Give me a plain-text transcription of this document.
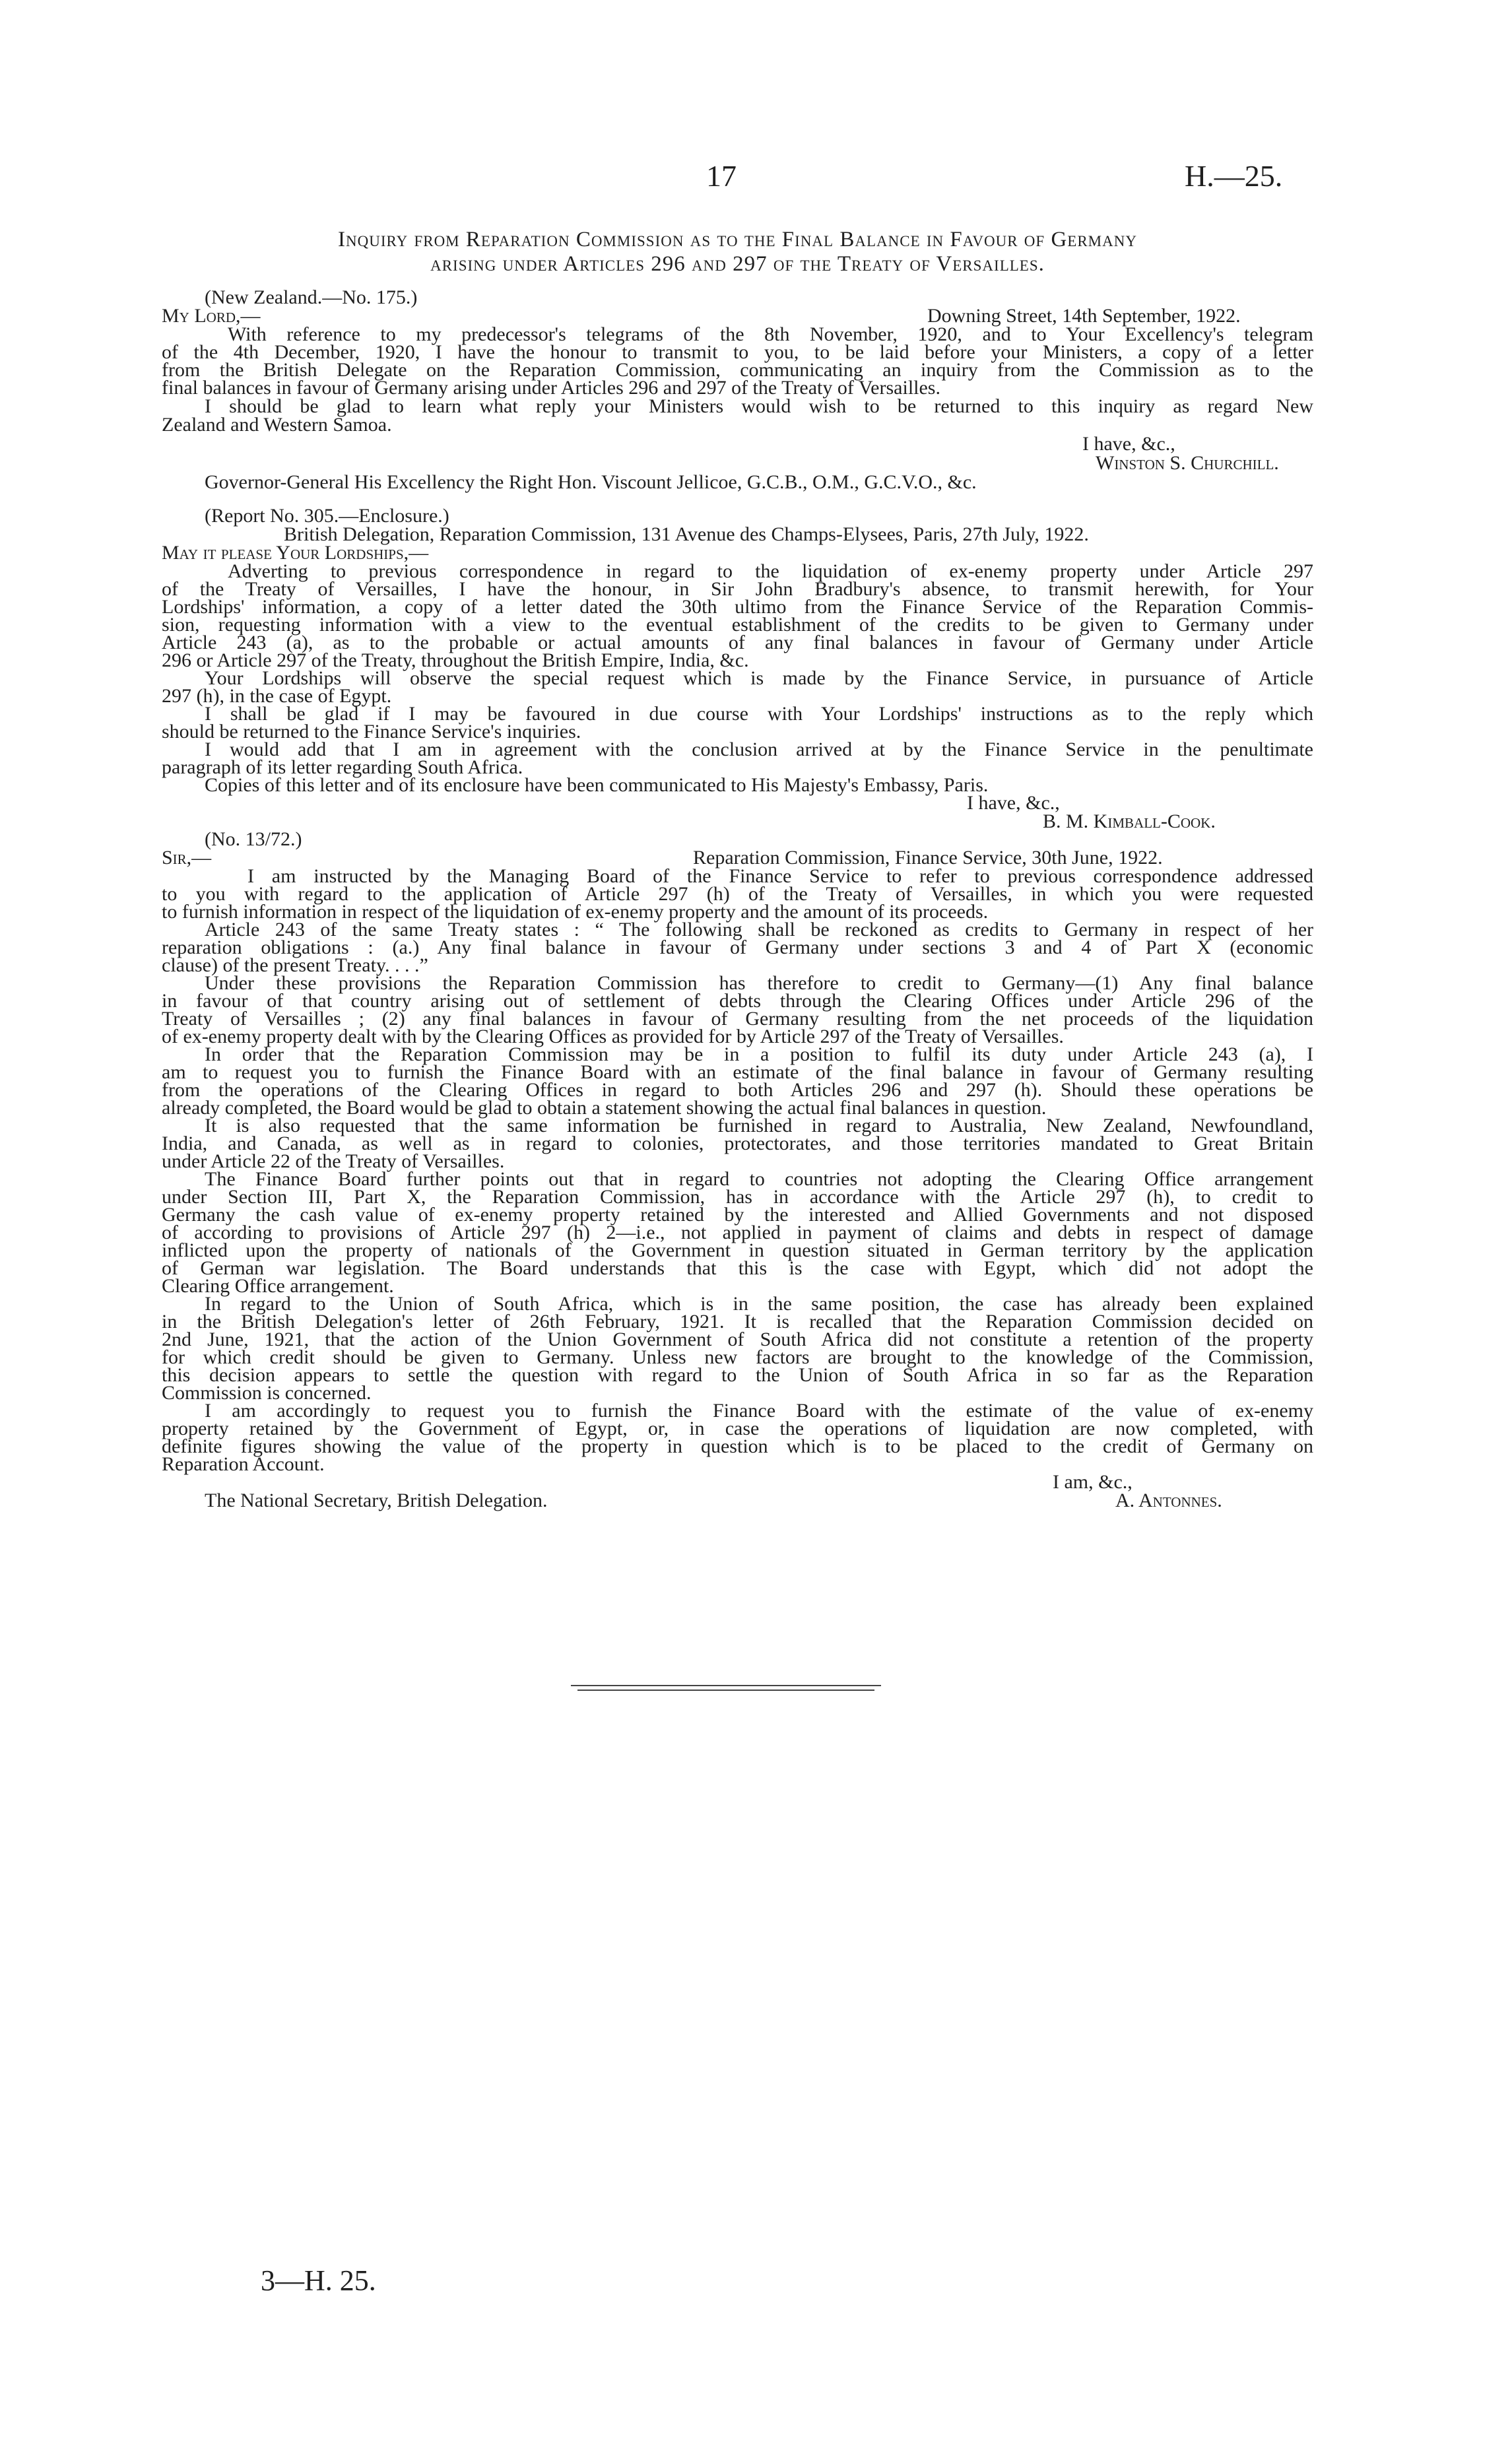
17	H.—25.
Inquiry from Reparation Commission as to the Final Balance in Favour of Germany
arising under Articles 296 and 297 of the Treaty of Versailles.
(New Zealand.—No. 175.)
My Lord,—	Downing Street, 14th September, 1922.
With reference to my predecessor's telegrams of the 8th November, 1920, and to Your Excellency's telegram
of the 4th December, 1920, I have the honour to transmit to you, to be laid before your Ministers, a copy of a letter
from the British Delegate on the Reparation Commission, communicating an inquiry from the Commission as to the
final balances in favour of Germany arising under Articles 296 and 297 of the Treaty of Versailles.
I should be glad to learn what reply your Ministers would wish to be returned to this inquiry as regard New
Zealand and Western Samoa.
I have, &c.,
Winston S. Churchill.
Governor-General His Excellency the Right Hon. Viscount Jellicoe, G.C.B., O.M., G.C.V.O., &c.
(Report No. 305.—Enclosure.)
British Delegation, Reparation Commission, 131 Avenue des Champs-Elysees, Paris, 27th July, 1922.
May it please Your Lordships,—
Adverting to previous correspondence in regard to the liquidation of ex-enemy property under Article 297
of the Treaty of Versailles, I have the honour, in Sir John Bradbury's absence, to transmit herewith, for Your
Lordships' information, a copy of a letter dated the 30th ultimo from the Finance Service of the Reparation Commis-
sion, requesting information with a view to the eventual establishment of the credits to be given to Germany under
Article 243 (a), as to the probable or actual amounts of any final balances in favour of Germany under Article
296 or Article 297 of the Treaty, throughout the British Empire, India, &c.
Your Lordships will observe the special request which is made by the Finance Service, in pursuance of Article
297 (h), in the case of Egypt.
I shall be glad if I may be favoured in due course with Your Lordships' instructions as to the reply which
should be returned to the Finance Service's inquiries.
I would add that I am in agreement with the conclusion arrived at by the Finance Service in the penultimate
paragraph of its letter regarding South Africa.
Copies of this letter and of its enclosure have been communicated to His Majesty's Embassy, Paris.
I have, &c.,
B. M. Kimball-Cook.
(No. 13/72.)
Sir,—	Reparation Commission, Finance Service, 30th June, 1922.
I am instructed by the Managing Board of the Finance Service to refer to previous correspondence addressed
to you with regard to the application of Article 297 (h) of the Treaty of Versailles, in which you were requested
to furnish information in respect of the liquidation of ex-enemy property and the amount of its proceeds.
Article 243 of the same Treaty states : “ The following shall be reckoned as credits to Germany in respect of her
reparation obligations : (a.) Any final balance in favour of Germany under sections 3 and 4 of Part X (economic
clause) of the present Treaty. . . .”
Under these provisions the Reparation Commission has therefore to credit to Germany—(1) Any final balance
in favour of that country arising out of settlement of debts through the Clearing Offices under Article 296 of the
Treaty of Versailles ; (2) any final balances in favour of Germany resulting from the net proceeds of the liquidation
of ex-enemy property dealt with by the Clearing Offices as provided for by Article 297 of the Treaty of Versailles.
In order that the Reparation Commission may be in a position to fulfil its duty under Article 243 (a), I
am to request you to furnish the Finance Board with an estimate of the final balance in favour of Germany resulting
from the operations of the Clearing Offices in regard to both Articles 296 and 297 (h). Should these operations be
already completed, the Board would be glad to obtain a statement showing the actual final balances in question.
It is also requested that the same information be furnished in regard to Australia, New Zealand, Newfoundland,
India, and Canada, as well as in regard to colonies, protectorates, and those territories mandated to Great Britain
under Article 22 of the Treaty of Versailles.
The Finance Board further points out that in regard to countries not adopting the Clearing Office arrangement
under Section III, Part X, the Reparation Commission, has in accordance with the Article 297 (h), to credit to
Germany the cash value of ex-enemy property retained by the interested and Allied Governments and not disposed
of according to provisions of Article 297 (h) 2—i.e., not applied in payment of claims and debts in respect of damage
inflicted upon the property of nationals of the Government in question situated in German territory by the application
of German war legislation. The Board understands that this is the case with Egypt, which did not adopt the
Clearing Office arrangement.
In regard to the Union of South Africa, which is in the same position, the case has already been explained
in the British Delegation's letter of 26th February, 1921. It is recalled that the Reparation Commission decided on
2nd June, 1921, that the action of the Union Government of South Africa did not constitute a retention of the property
for which credit should be given to Germany. Unless new factors are brought to the knowledge of the Commission,
this decision appears to settle the question with regard to the Union of South Africa in so far as the Reparation
Commission is concerned.
I am accordingly to request you to furnish the Finance Board with the estimate of the value of ex-enemy
property retained by the Government of Egypt, or, in case the operations of liquidation are now completed, with
definite figures showing the value of the property in question which is to be placed to the credit of Germany on
Reparation Account.
I am, &c.,
The National Secretary, British Delegation.	A. Antonnes.
3—H. 25.
